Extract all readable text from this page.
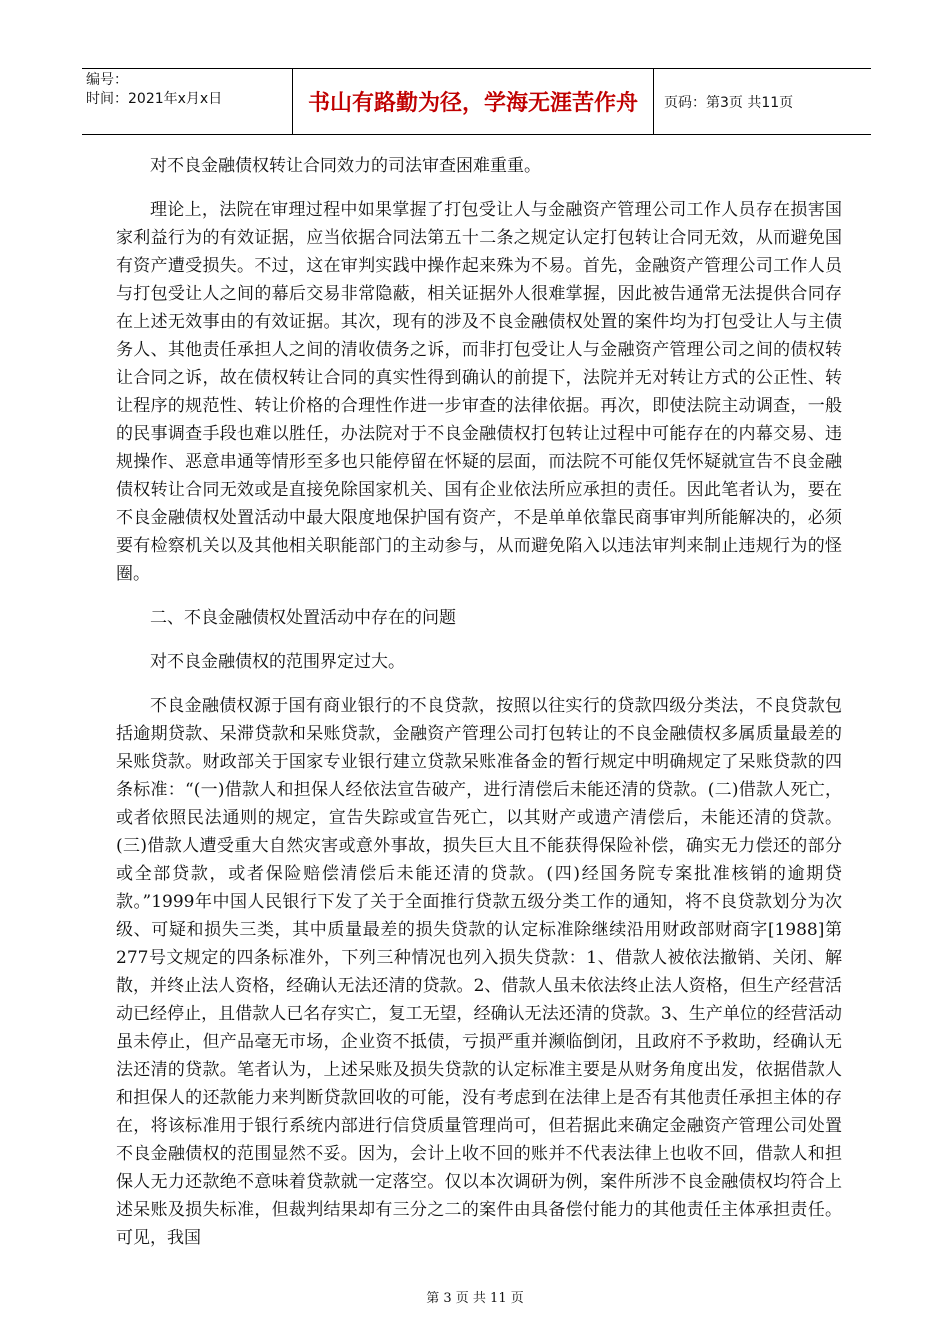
编号：
时间：2021年x月x日	书山有路勤为径，学海无涯苦作舟	页码：第3页 共11页

对不良金融债权转让合同效力的司法审查困难重重。

理论上，法院在审理过程中如果掌握了打包受让人与金融资产管理公司工作人员存在损害国家利益行为的有效证据，应当依据合同法第五十二条之规定认定打包转让合同无效，从而避免国有资产遭受损失。不过，这在审判实践中操作起来殊为不易。首先，金融资产管理公司工作人员与打包受让人之间的幕后交易非常隐蔽，相关证据外人很难掌握，因此被告通常无法提供合同存在上述无效事由的有效证据。其次，现有的涉及不良金融债权处置的案件均为打包受让人与主债务人、其他责任承担人之间的清收债务之诉，而非打包受让人与金融资产管理公司之间的债权转让合同之诉，故在债权转让合同的真实性得到确认的前提下，法院并无对转让方式的公正性、转让程序的规范性、转让价格的合理性作进一步审查的法律依据。再次，即使法院主动调查，一般的民事调查手段也难以胜任，办法院对于不良金融债权打包转让过程中可能存在的内幕交易、违规操作、恶意串通等情形至多也只能停留在怀疑的层面，而法院不可能仅凭怀疑就宣告不良金融债权转让合同无效或是直接免除国家机关、国有企业依法所应承担的责任。因此笔者认为，要在不良金融债权处置活动中最大限度地保护国有资产，不是单单依靠民商事审判所能解决的，必须要有检察机关以及其他相关职能部门的主动参与，从而避免陷入以违法审判来制止违规行为的怪圈。

二、不良金融债权处置活动中存在的问题

对不良金融债权的范围界定过大。

不良金融债权源于国有商业银行的不良贷款，按照以往实行的贷款四级分类法，不良贷款包括逾期贷款、呆滞贷款和呆账贷款，金融资产管理公司打包转让的不良金融债权多属质量最差的呆账贷款。财政部关于国家专业银行建立贷款呆账准备金的暂行规定中明确规定了呆账贷款的四条标准：“(一)借款人和担保人经依法宣告破产，进行清偿后未能还清的贷款。(二)借款人死亡，或者依照民法通则的规定，宣告失踪或宣告死亡，以其财产或遗产清偿后，未能还清的贷款。(三)借款人遭受重大自然灾害或意外事故，损失巨大且不能获得保险补偿，确实无力偿还的部分或全部贷款，或者保险赔偿清偿后未能还清的贷款。(四)经国务院专案批准核销的逾期贷款。”1999年中国人民银行下发了关于全面推行贷款五级分类工作的通知，将不良贷款划分为次级、可疑和损失三类，其中质量最差的损失贷款的认定标准除继续沿用财政部财商字[1988]第277号文规定的四条标准外，下列三种情况也列入损失贷款：1、借款人被依法撤销、关闭、解散，并终止法人资格，经确认无法还清的贷款。2、借款人虽未依法终止法人资格，但生产经营活动已经停止，且借款人已名存实亡，复工无望，经确认无法还清的贷款。3、生产单位的经营活动虽未停止，但产品毫无市场，企业资不抵债，亏损严重并濒临倒闭，且政府不予救助，经确认无法还清的贷款。笔者认为，上述呆账及损失贷款的认定标准主要是从财务角度出发，依据借款人和担保人的还款能力来判断贷款回收的可能，没有考虑到在法律上是否有其他责任承担主体的存在，将该标准用于银行系统内部进行信贷质量管理尚可，但若据此来确定金融资产管理公司处置不良金融债权的范围显然不妥。因为，会计上收不回的账并不代表法律上也收不回，借款人和担保人无力还款绝不意味着贷款就一定落空。仅以本次调研为例，案件所涉不良金融债权均符合上述呆账及损失标准，但裁判结果却有三分之二的案件由具备偿付能力的其他责任主体承担责任。可见，我国

第 3 页 共 11 页
